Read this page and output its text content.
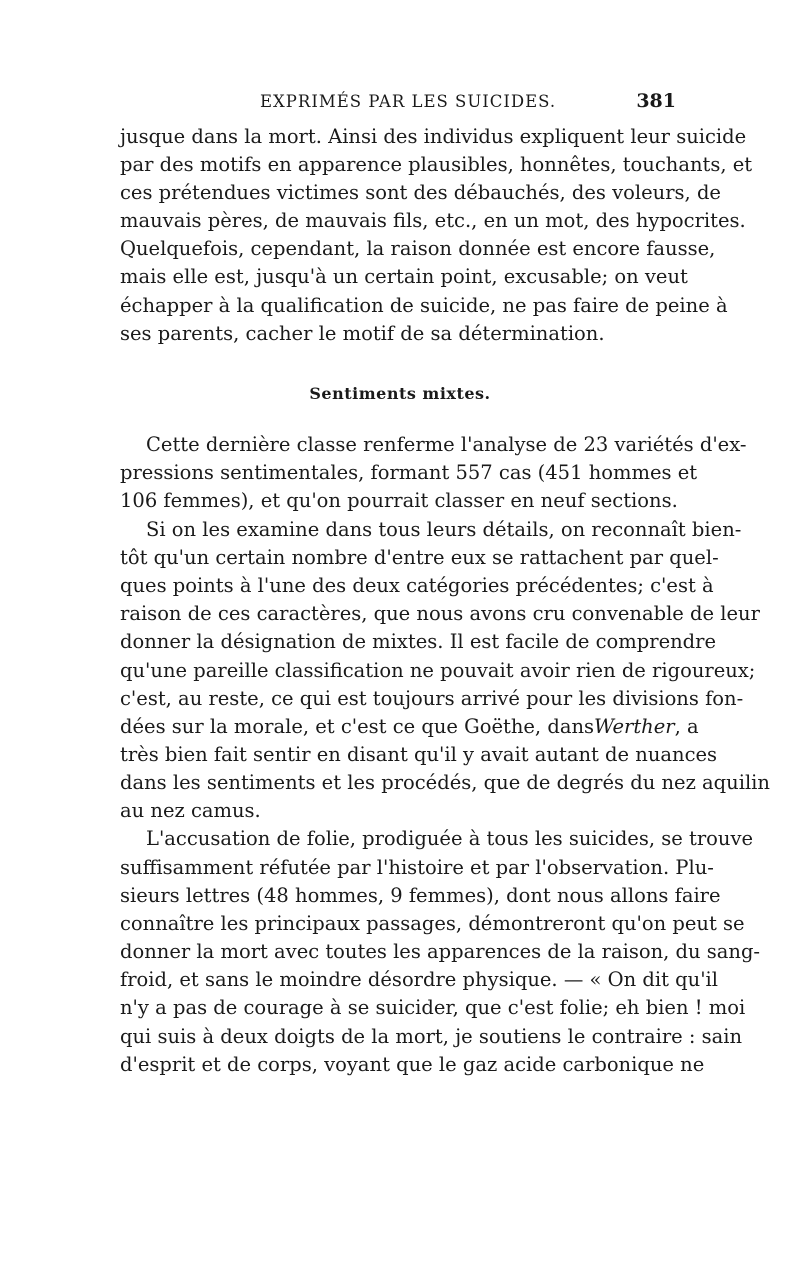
EXPRIMÉS PAR LES SUICIDES.	381
jusque dans la mort. Ainsi des individus expliquent leur suicide
par des motifs en apparence plausibles, honnêtes, touchants, et
ces prétendues victimes sont des débauchés, des voleurs, de
mauvais pères, de mauvais fils, etc., en un mot, des hypocrites.
Quelquefois, cependant, la raison donnée est encore fausse,
mais elle est, jusqu'à un certain point, excusable; on veut
échapper à la qualification de suicide, ne pas faire de peine à
ses parents, cacher le motif de sa détermination.
Sentiments mixtes.
Cette dernière classe renferme l'analyse de 23 variétés d'ex-
pressions sentimentales, formant 557 cas (451 hommes et
106 femmes), et qu'on pourrait classer en neuf sections.
Si on les examine dans tous leurs détails, on reconnaît bien-
tôt qu'un certain nombre d'entre eux se rattachent par quel-
ques points à l'une des deux catégories précédentes; c'est à
raison de ces caractères, que nous avons cru convenable de leur
donner la désignation de mixtes. Il est facile de comprendre
qu'une pareille classification ne pouvait avoir rien de rigoureux;
c'est, au reste, ce qui est toujours arrivé pour les divisions fon-
dées sur la morale, et c'est ce que Goëthe, dans Werther, a
très bien fait sentir en disant qu'il y avait autant de nuances
dans les sentiments et les procédés, que de degrés du nez aquilin
au nez camus.
L'accusation de folie, prodiguée à tous les suicides, se trouve
suffisamment réfutée par l'histoire et par l'observation. Plu-
sieurs lettres (48 hommes, 9 femmes), dont nous allons faire
connaître les principaux passages, démontreront qu'on peut se
donner la mort avec toutes les apparences de la raison, du sang-
froid, et sans le moindre désordre physique. — « On dit qu'il
n'y a pas de courage à se suicider, que c'est folie; eh bien ! moi
qui suis à deux doigts de la mort, je soutiens le contraire : sain
d'esprit et de corps, voyant que le gaz acide carbonique ne
